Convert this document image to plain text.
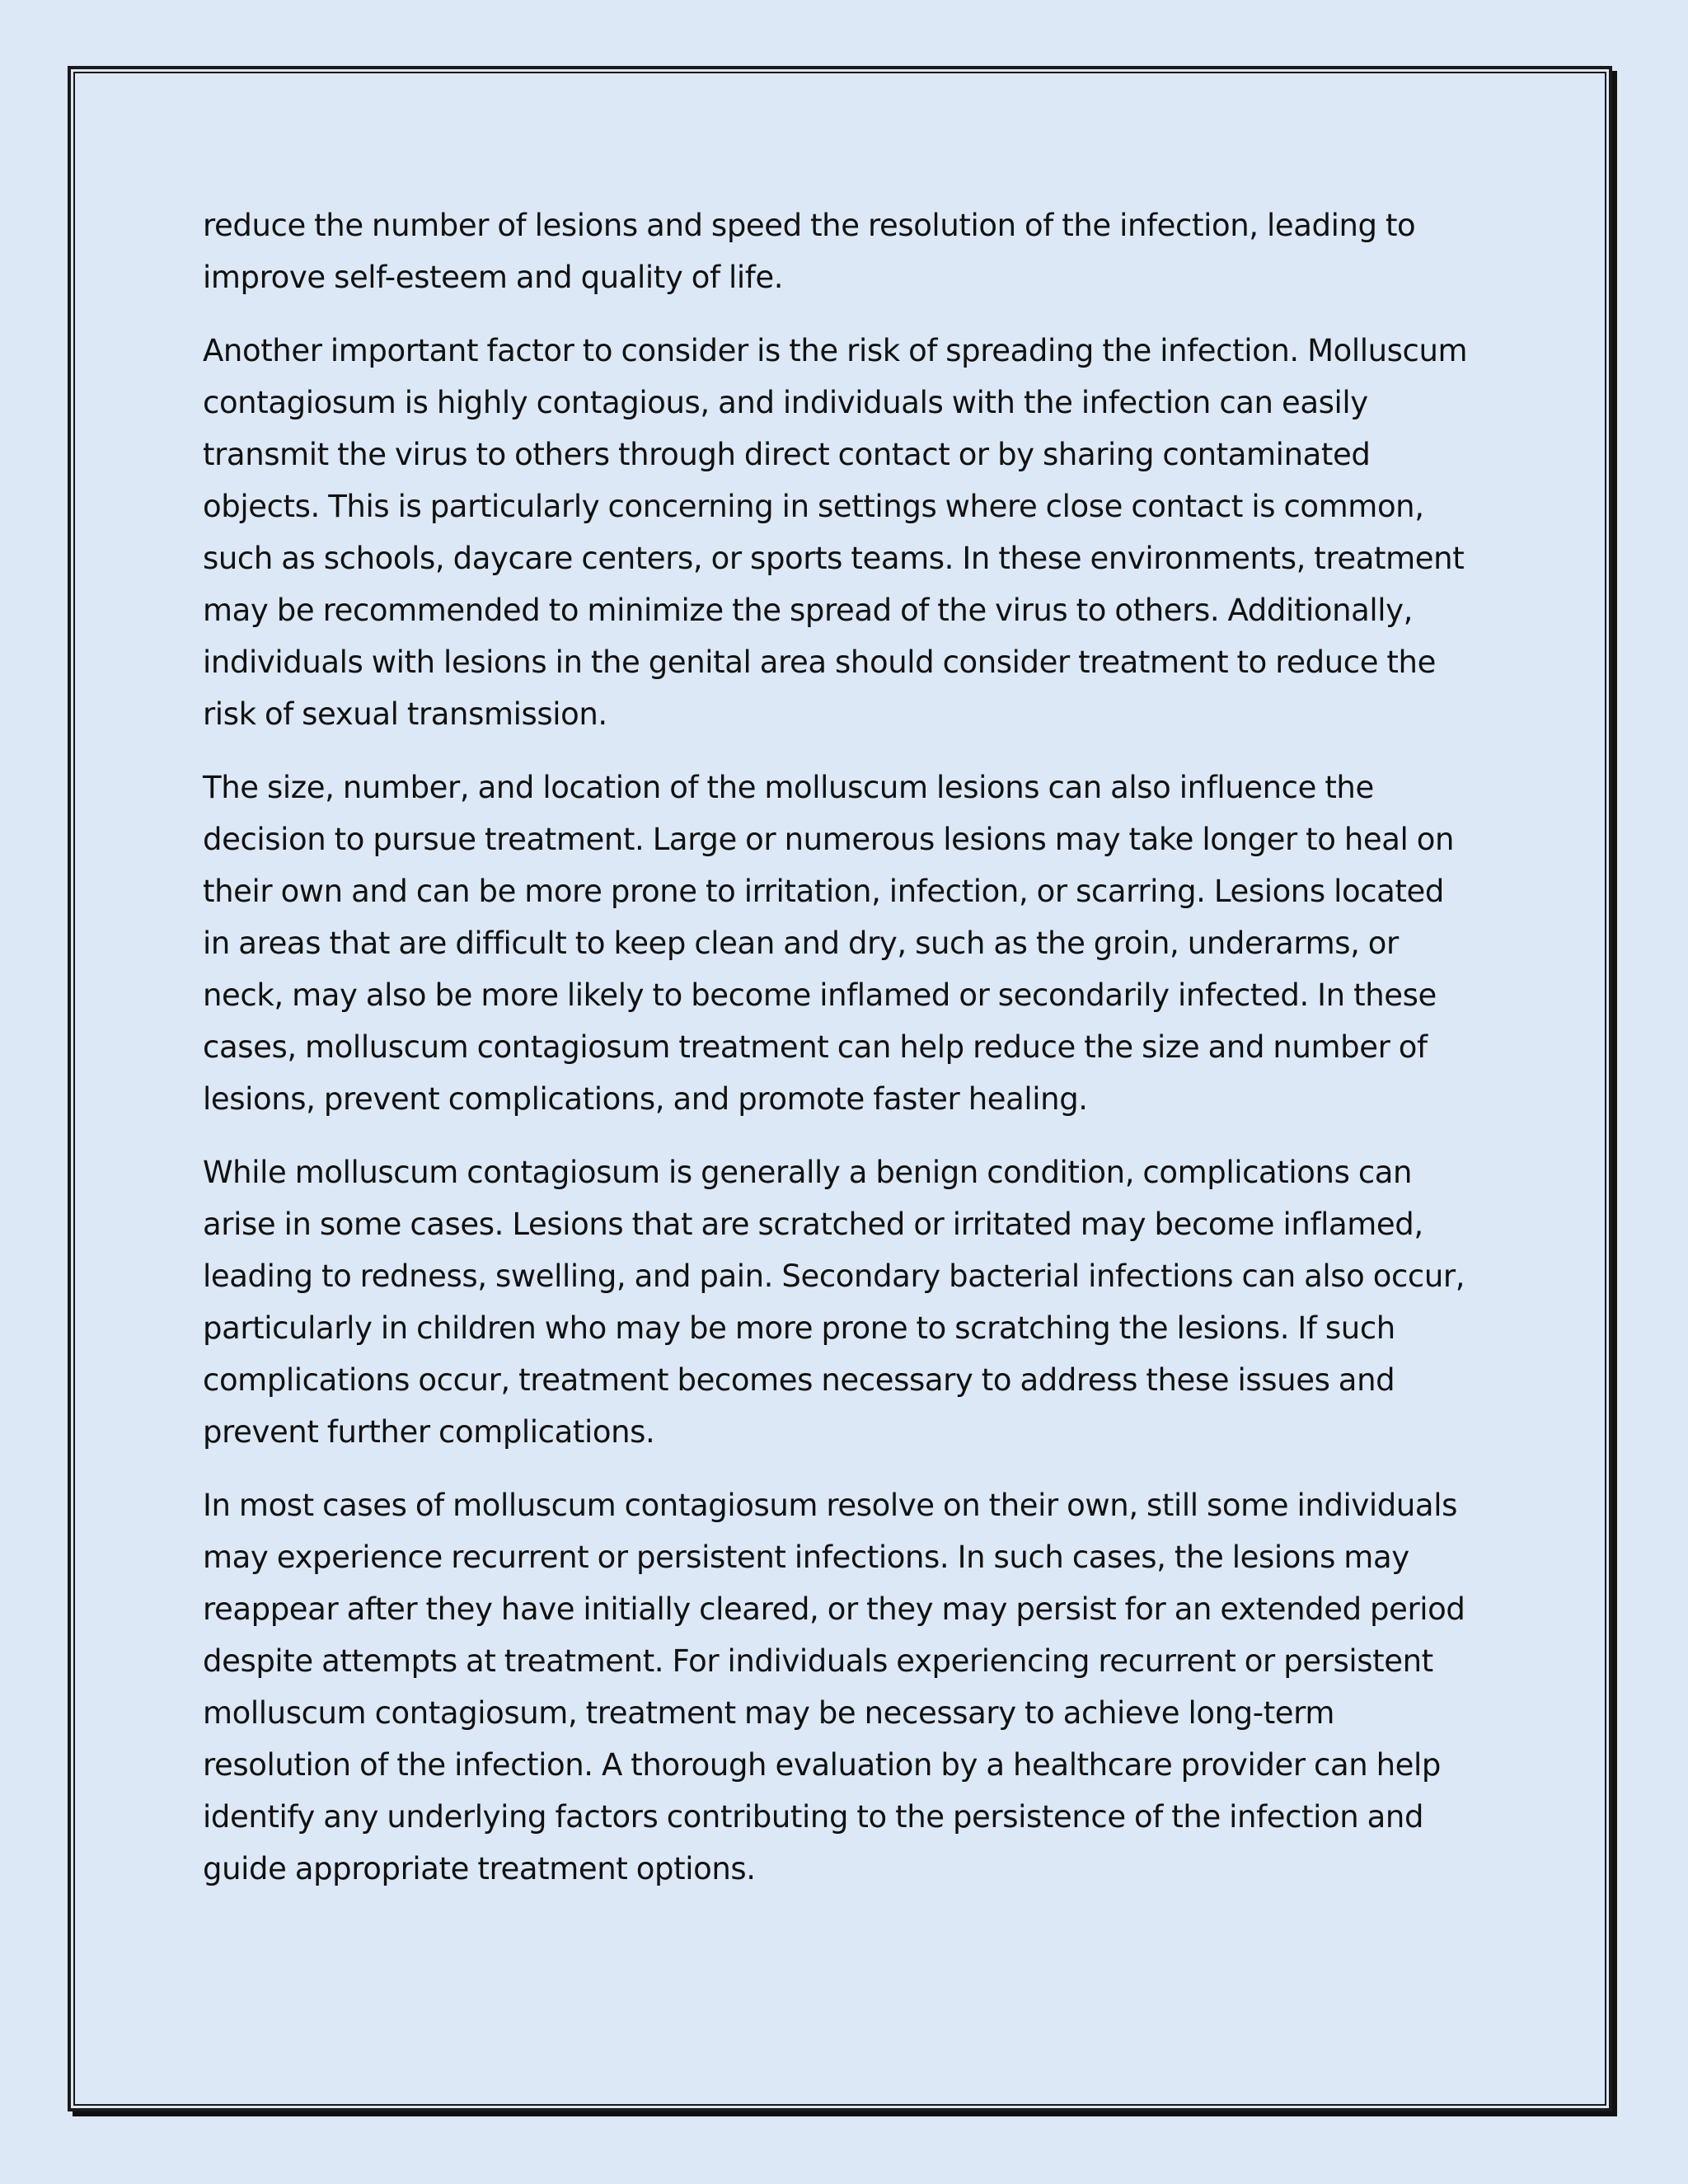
reduce the number of lesions and speed the resolution of the infection, leading to improve self-esteem and quality of life.

Another important factor to consider is the risk of spreading the infection. Molluscum contagiosum is highly contagious, and individuals with the infection can easily transmit the virus to others through direct contact or by sharing contaminated objects. This is particularly concerning in settings where close contact is common, such as schools, daycare centers, or sports teams. In these environments, treatment may be recommended to minimize the spread of the virus to others. Additionally, individuals with lesions in the genital area should consider treatment to reduce the risk of sexual transmission.

The size, number, and location of the molluscum lesions can also influence the decision to pursue treatment. Large or numerous lesions may take longer to heal on their own and can be more prone to irritation, infection, or scarring. Lesions located in areas that are difficult to keep clean and dry, such as the groin, underarms, or neck, may also be more likely to become inflamed or secondarily infected. In these cases, molluscum contagiosum treatment can help reduce the size and number of lesions, prevent complications, and promote faster healing.

While molluscum contagiosum is generally a benign condition, complications can arise in some cases. Lesions that are scratched or irritated may become inflamed, leading to redness, swelling, and pain. Secondary bacterial infections can also occur, particularly in children who may be more prone to scratching the lesions. If such complications occur, treatment becomes necessary to address these issues and prevent further complications.

In most cases of molluscum contagiosum resolve on their own, still some individuals may experience recurrent or persistent infections. In such cases, the lesions may reappear after they have initially cleared, or they may persist for an extended period despite attempts at treatment. For individuals experiencing recurrent or persistent molluscum contagiosum, treatment may be necessary to achieve long-term resolution of the infection. A thorough evaluation by a healthcare provider can help identify any underlying factors contributing to the persistence of the infection and guide appropriate treatment options.
